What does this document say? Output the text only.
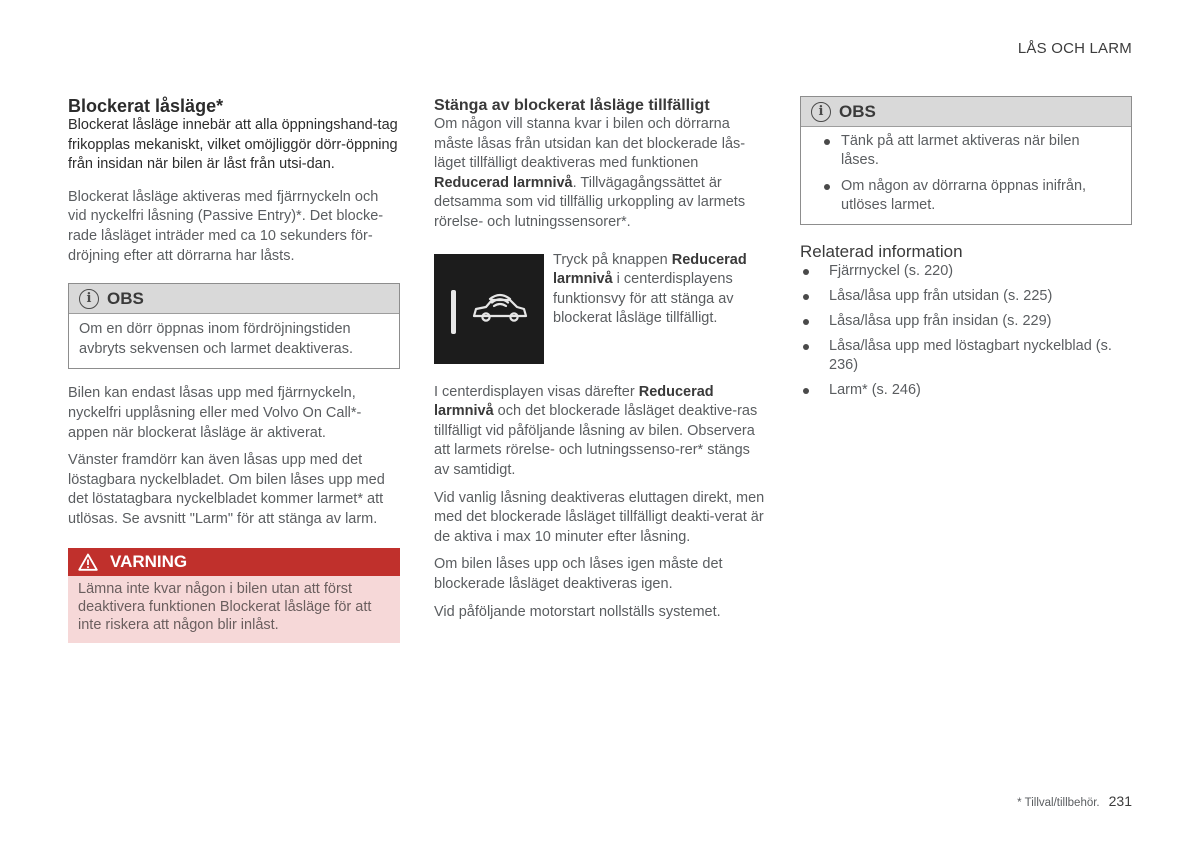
LÅS OCH LARM
Blockerat låsläge*

Blockerat låsläge innebär att alla öppningshand-tag frikopplas mekaniskt, vilket omöjliggör dörr-öppning från insidan när bilen är låst från utsi-dan.

Blockerat låsläge aktiveras med fjärrnyckeln och vid nyckelfri låsning (Passive Entry)*. Det blocke-rade låsläget inträder med ca 10 sekunders för-dröjning efter att dörrarna har låsts.

i OBS

Om en dörr öppnas inom fördröjningstiden avbryts sekvensen och larmet deaktiveras.

Bilen kan endast låsas upp med fjärrnyckeln, nyckelfri upplåsning eller med Volvo On Call*-appen när blockerat låsläge är aktiverat.

Vänster framdörr kan även låsas upp med det löstagbara nyckelbladet. Om bilen låses upp med det löstatagbara nyckelbladet kommer larmet* att utlösas. Se avsnitt "Larm" för att stänga av larm.

VARNING

Lämna inte kvar någon i bilen utan att först deaktivera funktionen Blockerat låsläge för att inte riskera att någon blir inlåst.

Stänga av blockerat låsläge tillfälligt

Om någon vill stanna kvar i bilen och dörrarna måste låsas från utsidan kan det blockerade lås-läget tillfälligt deaktiveras med funktionen Reducerad larmnivå. Tillvägagångssättet är detsamma som vid tillfällig urkoppling av larmets rörelse- och lutningssensorer*.

Tryck på knappen Reducerad larmnivå i centerdisplayens funktionsvy för att stänga av blockerat låsläge tillfälligt.

I centerdisplayen visas därefter Reducerad larmnivå och det blockerade låsläget deaktive-ras tillfälligt vid påföljande låsning av bilen. Observera att larmets rörelse- och lutningssenso-rer* stängs av samtidigt.

Vid vanlig låsning deaktiveras eluttagen direkt, men med det blockerade låsläget tillfälligt deakti-verat är de aktiva i max 10 minuter efter låsning.

Om bilen låses upp och låses igen måste det blockerade låsläget deaktiveras igen.

Vid påföljande motorstart nollställs systemet.

i OBS
Tänk på att larmet aktiveras när bilen låses.
Om någon av dörrarna öppnas inifrån, utlöses larmet.
Relaterad information
Fjärrnyckel (s. 220)
Låsa/låsa upp från utsidan (s. 225)
Låsa/låsa upp från insidan (s. 229)
Låsa/låsa upp med löstagbart nyckelblad (s. 236)
Larm* (s. 246)
* Tillval/tillbehör. 231
